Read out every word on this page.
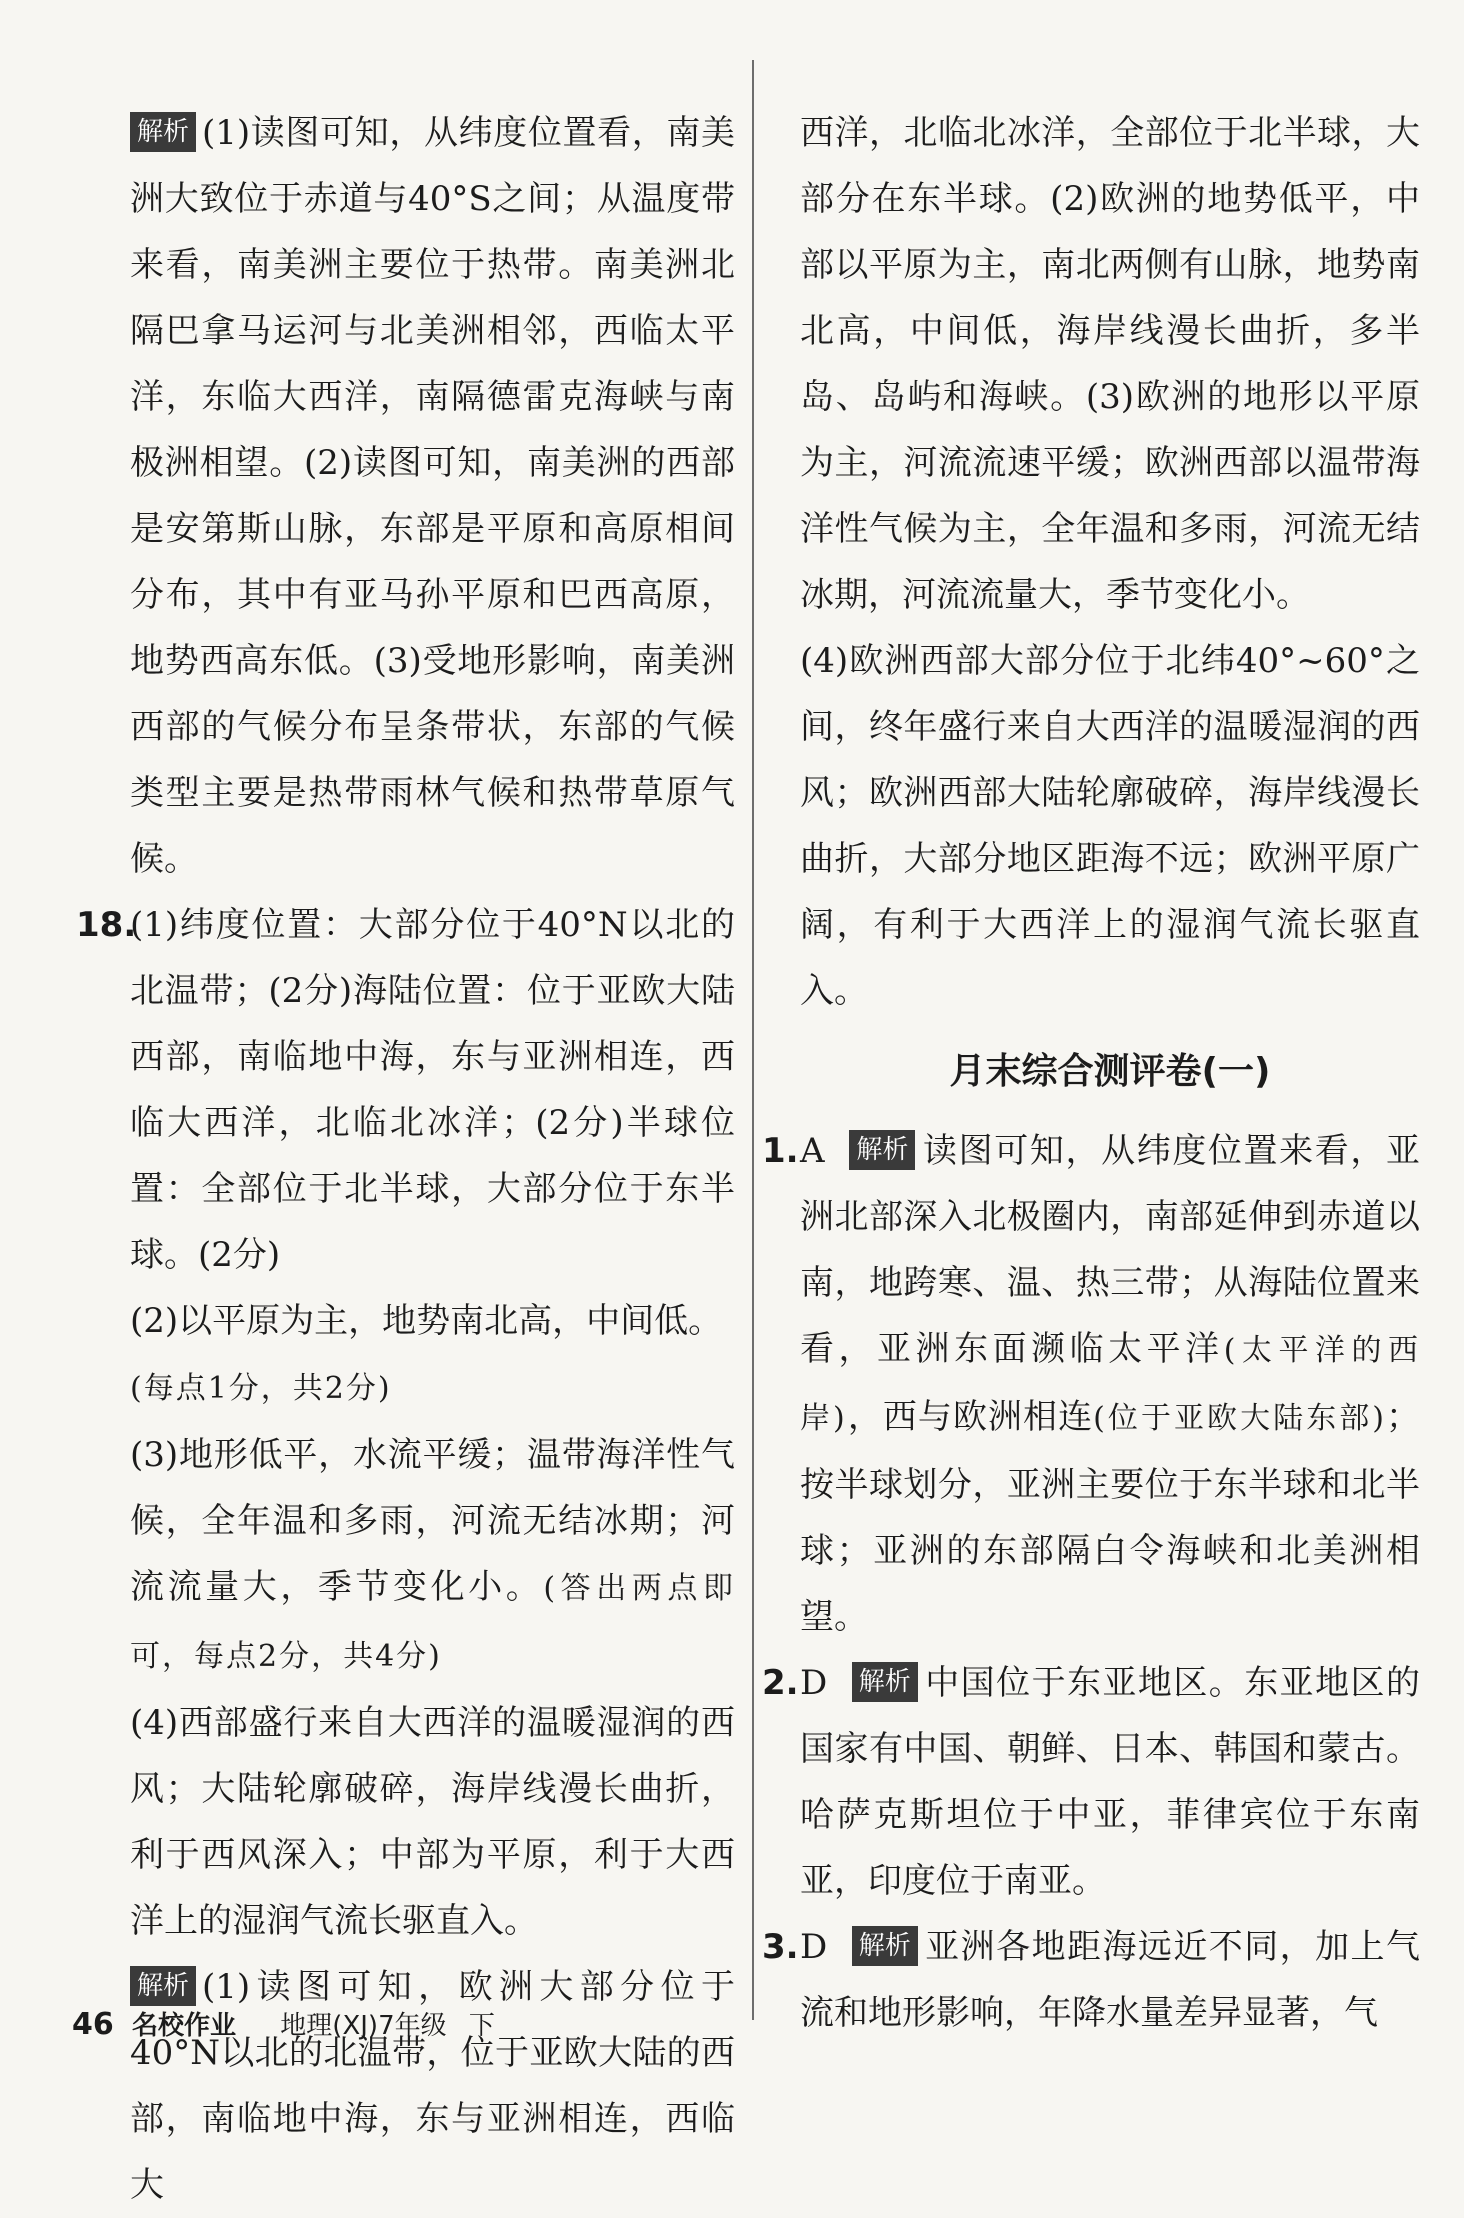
解析 (1)读图可知，从纬度位置看，南美洲大致位于赤道与40°S之间；从温度带来看，南美洲主要位于热带。南美洲北隔巴拿马运河与北美洲相邻，西临太平洋，东临大西洋，南隔德雷克海峡与南极洲相望。(2)读图可知，南美洲的西部是安第斯山脉，东部是平原和高原相间分布，其中有亚马孙平原和巴西高原，地势西高东低。(3)受地形影响，南美洲西部的气候分布呈条带状，东部的气候类型主要是热带雨林气候和热带草原气候。

18.

(1)纬度位置：大部分位于40°N以北的北温带；(2分)海陆位置：位于亚欧大陆西部，南临地中海，东与亚洲相连，西临大西洋，北临北冰洋；(2分)半球位置：全部位于北半球，大部分位于东半球。(2分)

(2)以平原为主，地势南北高，中间低。
(每点1分，共2分)

(3)地形低平，水流平缓；温带海洋性气候，全年温和多雨，河流无结冰期；河流流量大，季节变化小。(答出两点即可，每点2分，共4分)

(4)西部盛行来自大西洋的温暖湿润的西风；大陆轮廓破碎，海岸线漫长曲折，利于西风深入；中部为平原，利于大西洋上的湿润气流长驱直入。

解析 (1)读图可知，欧洲大部分位于40°N以北的北温带，位于亚欧大陆的西部，南临地中海，东与亚洲相连，西临大

西洋，北临北冰洋，全部位于北半球，大部分在东半球。(2)欧洲的地势低平，中部以平原为主，南北两侧有山脉，地势南北高，中间低，海岸线漫长曲折，多半岛、岛屿和海峡。(3)欧洲的地形以平原为主，河流流速平缓；欧洲西部以温带海洋性气候为主，全年温和多雨，河流无结冰期，河流流量大，季节变化小。

(4)欧洲西部大部分位于北纬40°~60°之间，终年盛行来自大西洋的温暖湿润的西风；欧洲西部大陆轮廓破碎，海岸线漫长曲折，大部分地区距海不远；欧洲平原广阔，有利于大西洋上的湿润气流长驱直入。

月末综合测评卷(一)
1. A 解析 读图可知，从纬度位置来看，亚洲北部深入北极圈内，南部延伸到赤道以南，地跨寒、温、热三带；从海陆位置来看，亚洲东面濒临太平洋(太平洋的西岸)，西与欧洲相连(位于亚欧大陆东部)；按半球划分，亚洲主要位于东半球和北半球；亚洲的东部隔白令海峡和北美洲相望。

2. D 解析 中国位于东亚地区。东亚地区的国家有中国、朝鲜、日本、韩国和蒙古。哈萨克斯坦位于中亚，菲律宾位于东南亚，印度位于南亚。

3. D 解析 亚洲各地距海远近不同，加上气流和地形影响，年降水量差异显著，气

46 名校作业 地理(XJ)7年级 下
